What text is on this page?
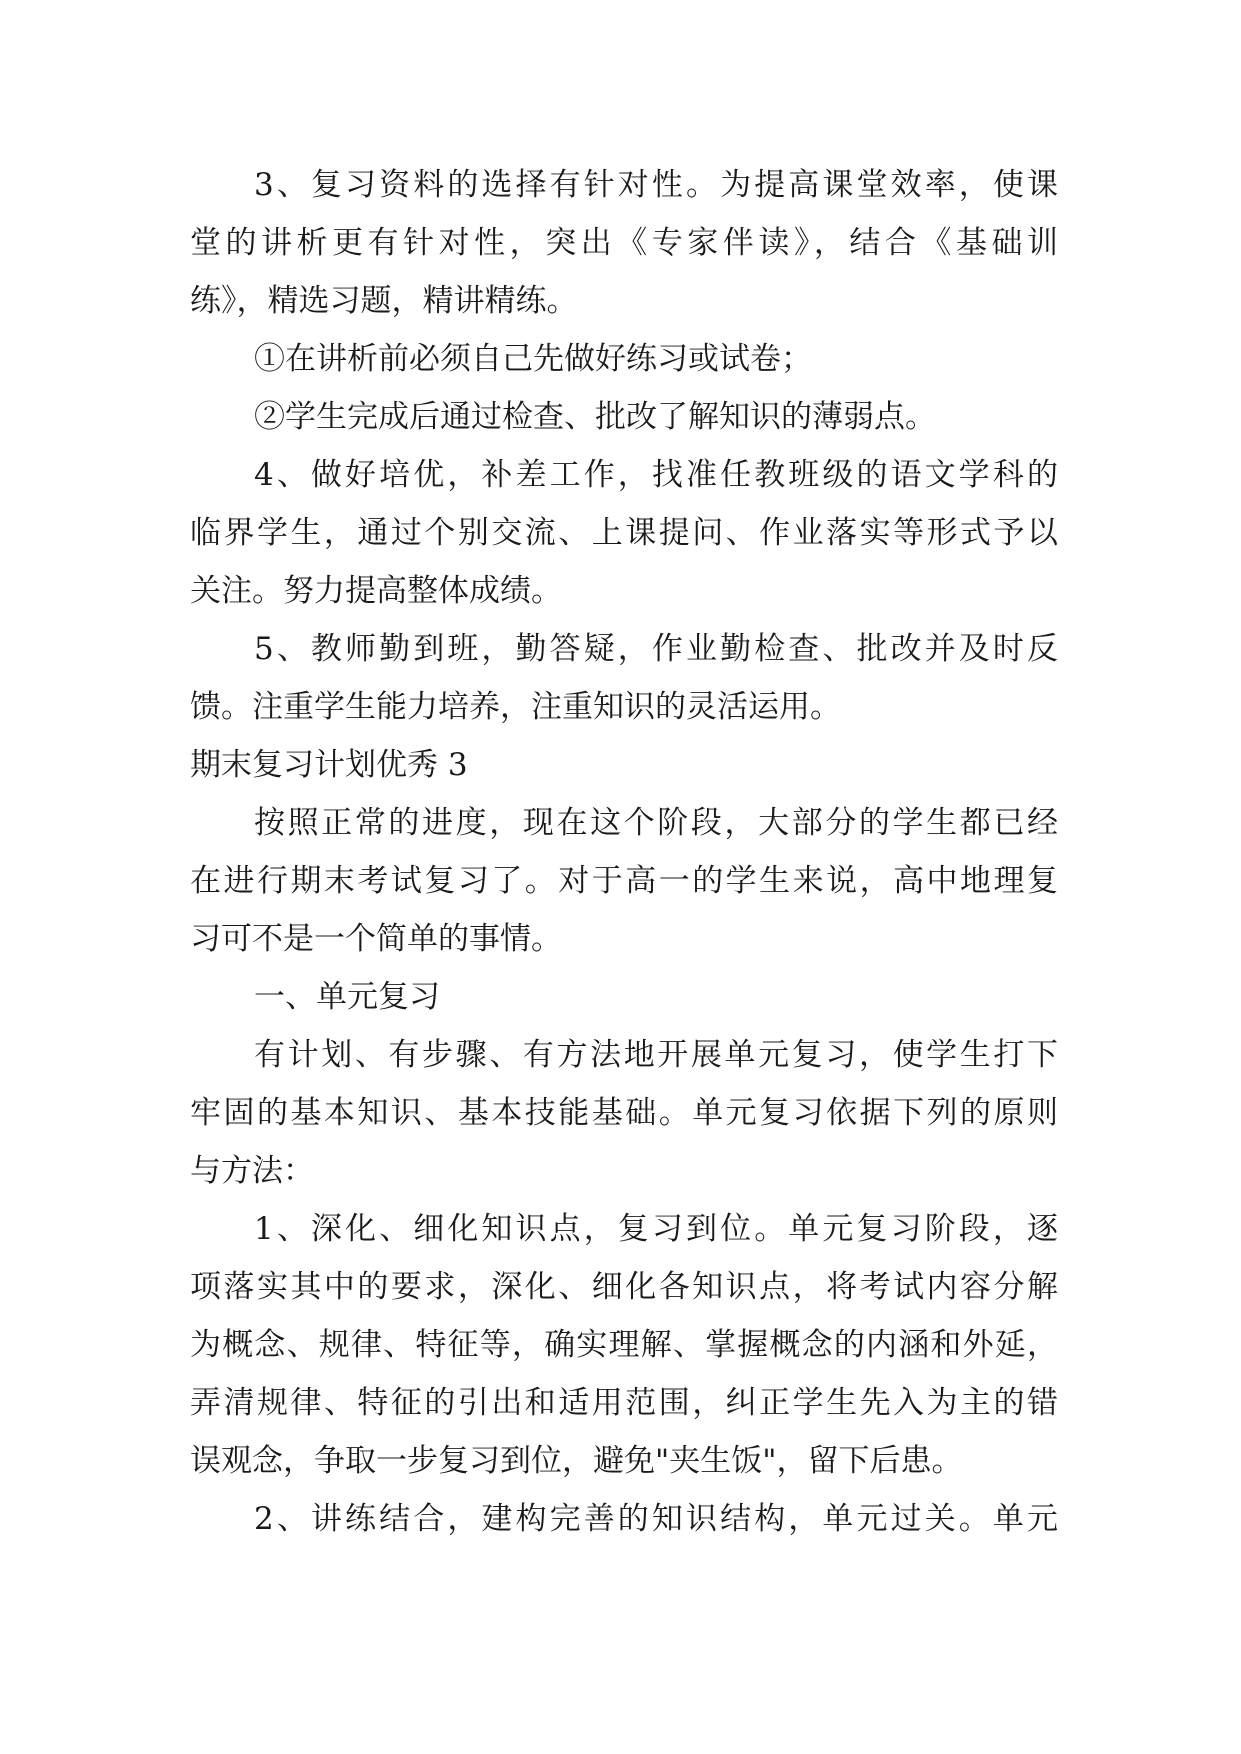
3、复习资料的选择有针对性。为提高课堂效率，使课
堂的讲析更有针对性，突出《专家伴读》，结合《基础训
练》，精选习题，精讲精练。
①在讲析前必须自己先做好练习或试卷；
②学生完成后通过检查、批改了解知识的薄弱点。
4、做好培优，补差工作，找准任教班级的语文学科的
临界学生，通过个别交流、上课提问、作业落实等形式予以
关注。努力提高整体成绩。
5、教师勤到班，勤答疑，作业勤检查、批改并及时反
馈。注重学生能力培养，注重知识的灵活运用。
期末复习计划优秀 3
按照正常的进度，现在这个阶段，大部分的学生都已经
在进行期末考试复习了。对于高一的学生来说，高中地理复
习可不是一个简单的事情。
一、单元复习
有计划、有步骤、有方法地开展单元复习，使学生打下
牢固的基本知识、基本技能基础。单元复习依据下列的原则
与方法：
1、深化、细化知识点，复习到位。单元复习阶段，逐
项落实其中的要求，深化、细化各知识点，将考试内容分解
为概念、规律、特征等，确实理解、掌握概念的内涵和外延，
弄清规律、特征的引出和适用范围，纠正学生先入为主的错
误观念，争取一步复习到位，避免"夹生饭"，留下后患。
2、讲练结合，建构完善的知识结构，单元过关。单元
